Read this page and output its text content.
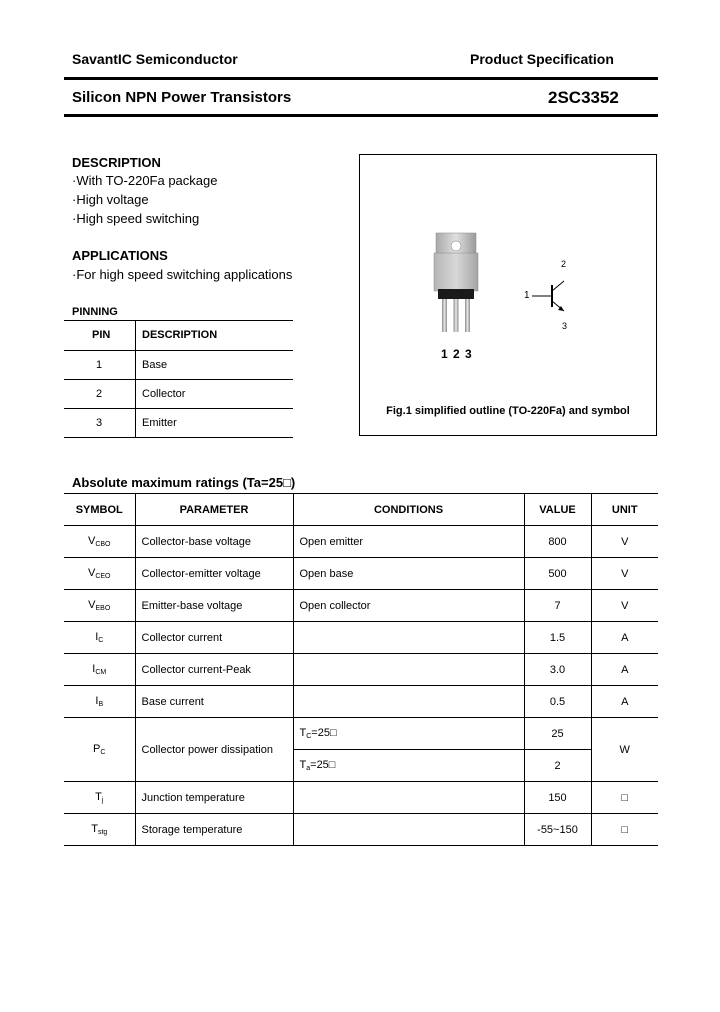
SavantIC Semiconductor	Product Specification
Silicon NPN Power Transistors	2SC3352
DESCRIPTION
·With TO-220Fa package
·High voltage
·High speed switching
APPLICATIONS
·For high speed switching applications
PINNING
PIN	DESCRIPTION
1	Base
2	Collector
3	Emitter
1 2 3
2
1
3
Fig.1 simplified outline (TO-220Fa) and symbol
Absolute maximum ratings (Ta=25□)
SYMBOL	PARAMETER	CONDITIONS	VALUE	UNIT
$V_{CBO}$	Collector-base voltage	Open emitter	800	V
$V_{CEO}$	Collector-emitter voltage	Open base	500	V
$V_{EBO}$	Emitter-base voltage	Open collector	7	V
$I_C$	Collector current		1.5	A
$I_{CM}$	Collector current-Peak		3.0	A
$I_B$	Base current		0.5	A
$P_C$	Collector power dissipation	$T_C=25□$	25	W
		$T_a=25□$	2	
$T_j$	Junction temperature		150	□
$T_{stg}$	Storage temperature		-55~150	□
